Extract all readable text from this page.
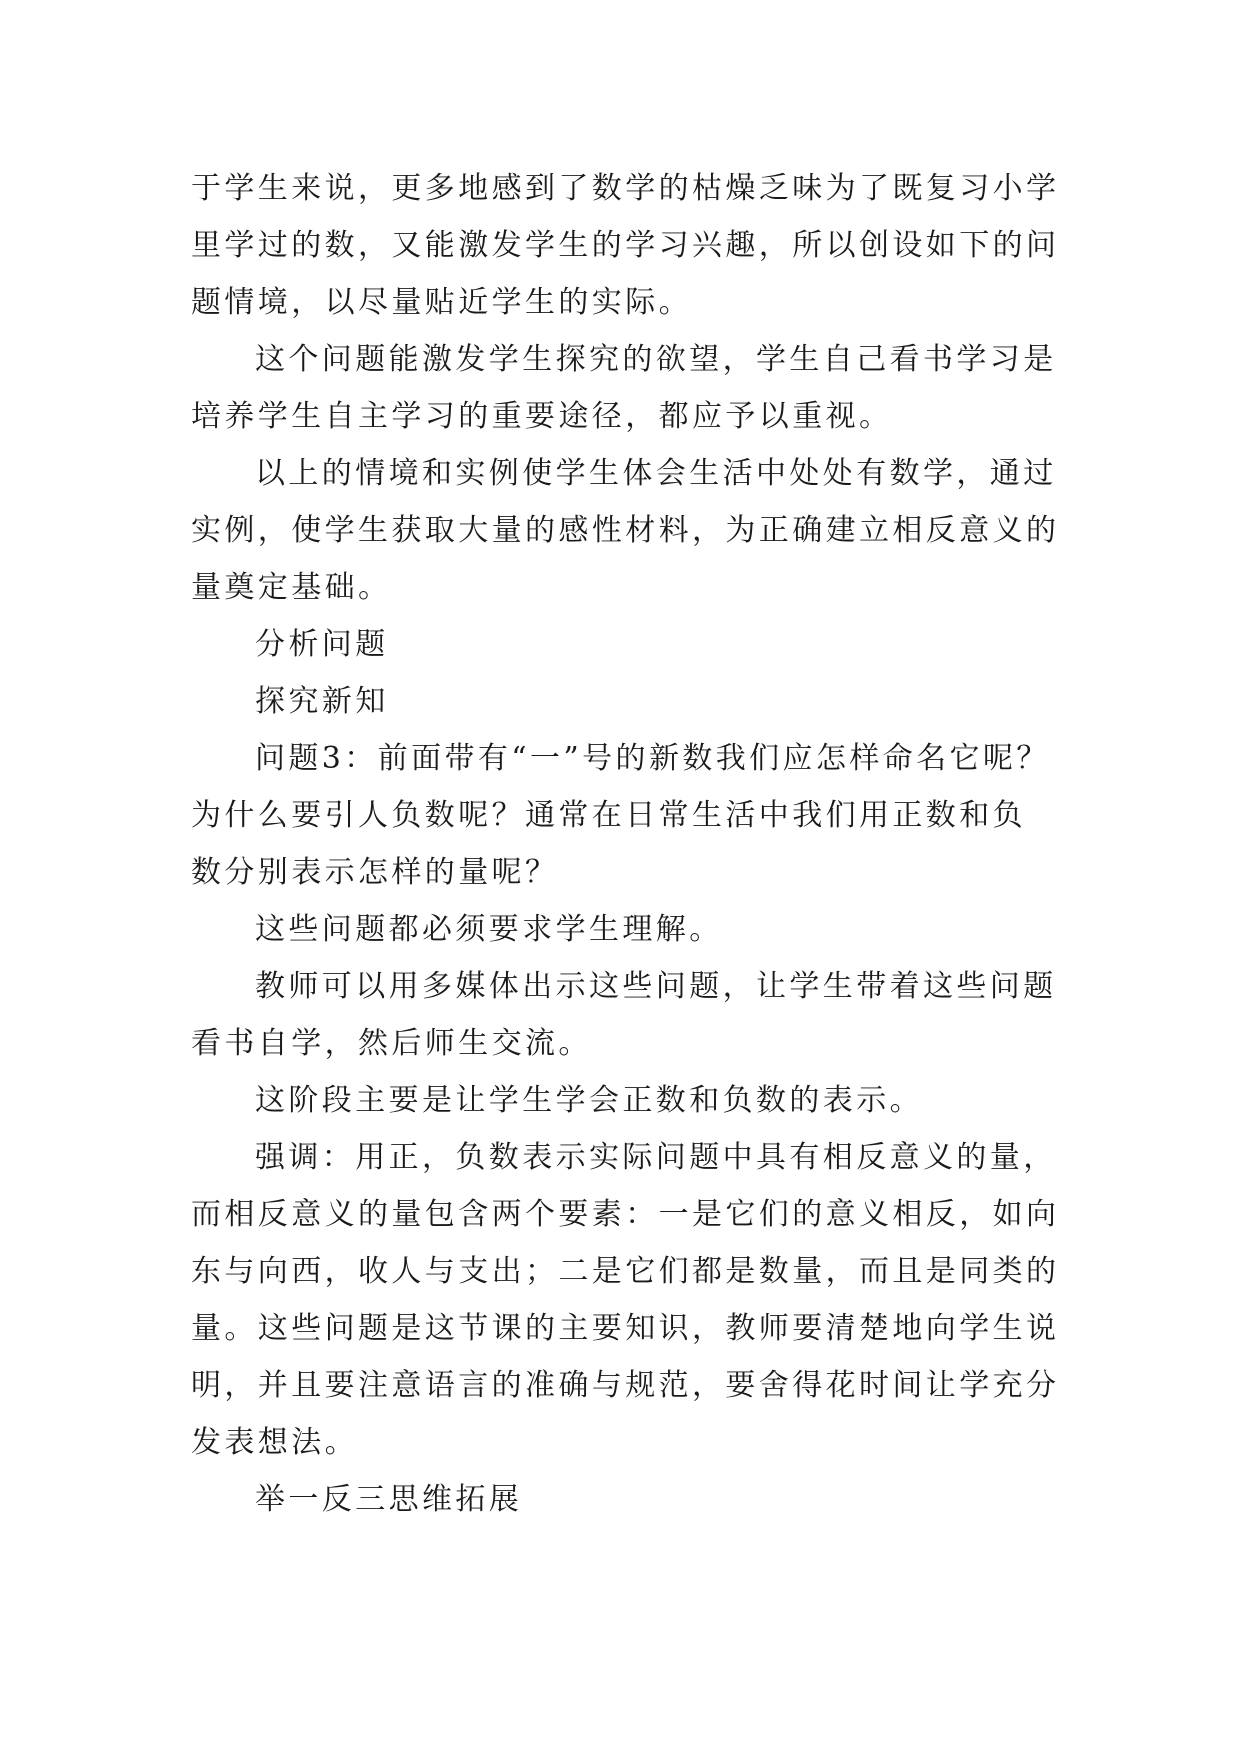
于学生来说，更多地感到了数学的枯燥乏味为了既复习小学
里学过的数，又能激发学生的学习兴趣，所以创设如下的问
题情境，以尽量贴近学生的实际。

这个问题能激发学生探究的欲望，学生自己看书学习是
培养学生自主学习的重要途径，都应予以重视。

以上的情境和实例使学生体会生活中处处有数学，通过
实例，使学生获取大量的感性材料，为正确建立相反意义的
量奠定基础。

分析问题

探究新知

问题3：前面带有“一”号的新数我们应怎样命名它呢？
为什么要引人负数呢？通常在日常生活中我们用正数和负
数分别表示怎样的量呢？

这些问题都必须要求学生理解。

教师可以用多媒体出示这些问题，让学生带着这些问题
看书自学，然后师生交流。

这阶段主要是让学生学会正数和负数的表示。

强调：用正，负数表示实际问题中具有相反意义的量，
而相反意义的量包含两个要素：一是它们的意义相反，如向
东与向西，收人与支出；二是它们都是数量，而且是同类的
量。这些问题是这节课的主要知识，教师要清楚地向学生说
明，并且要注意语言的准确与规范，要舍得花时间让学充分
发表想法。

举一反三思维拓展
